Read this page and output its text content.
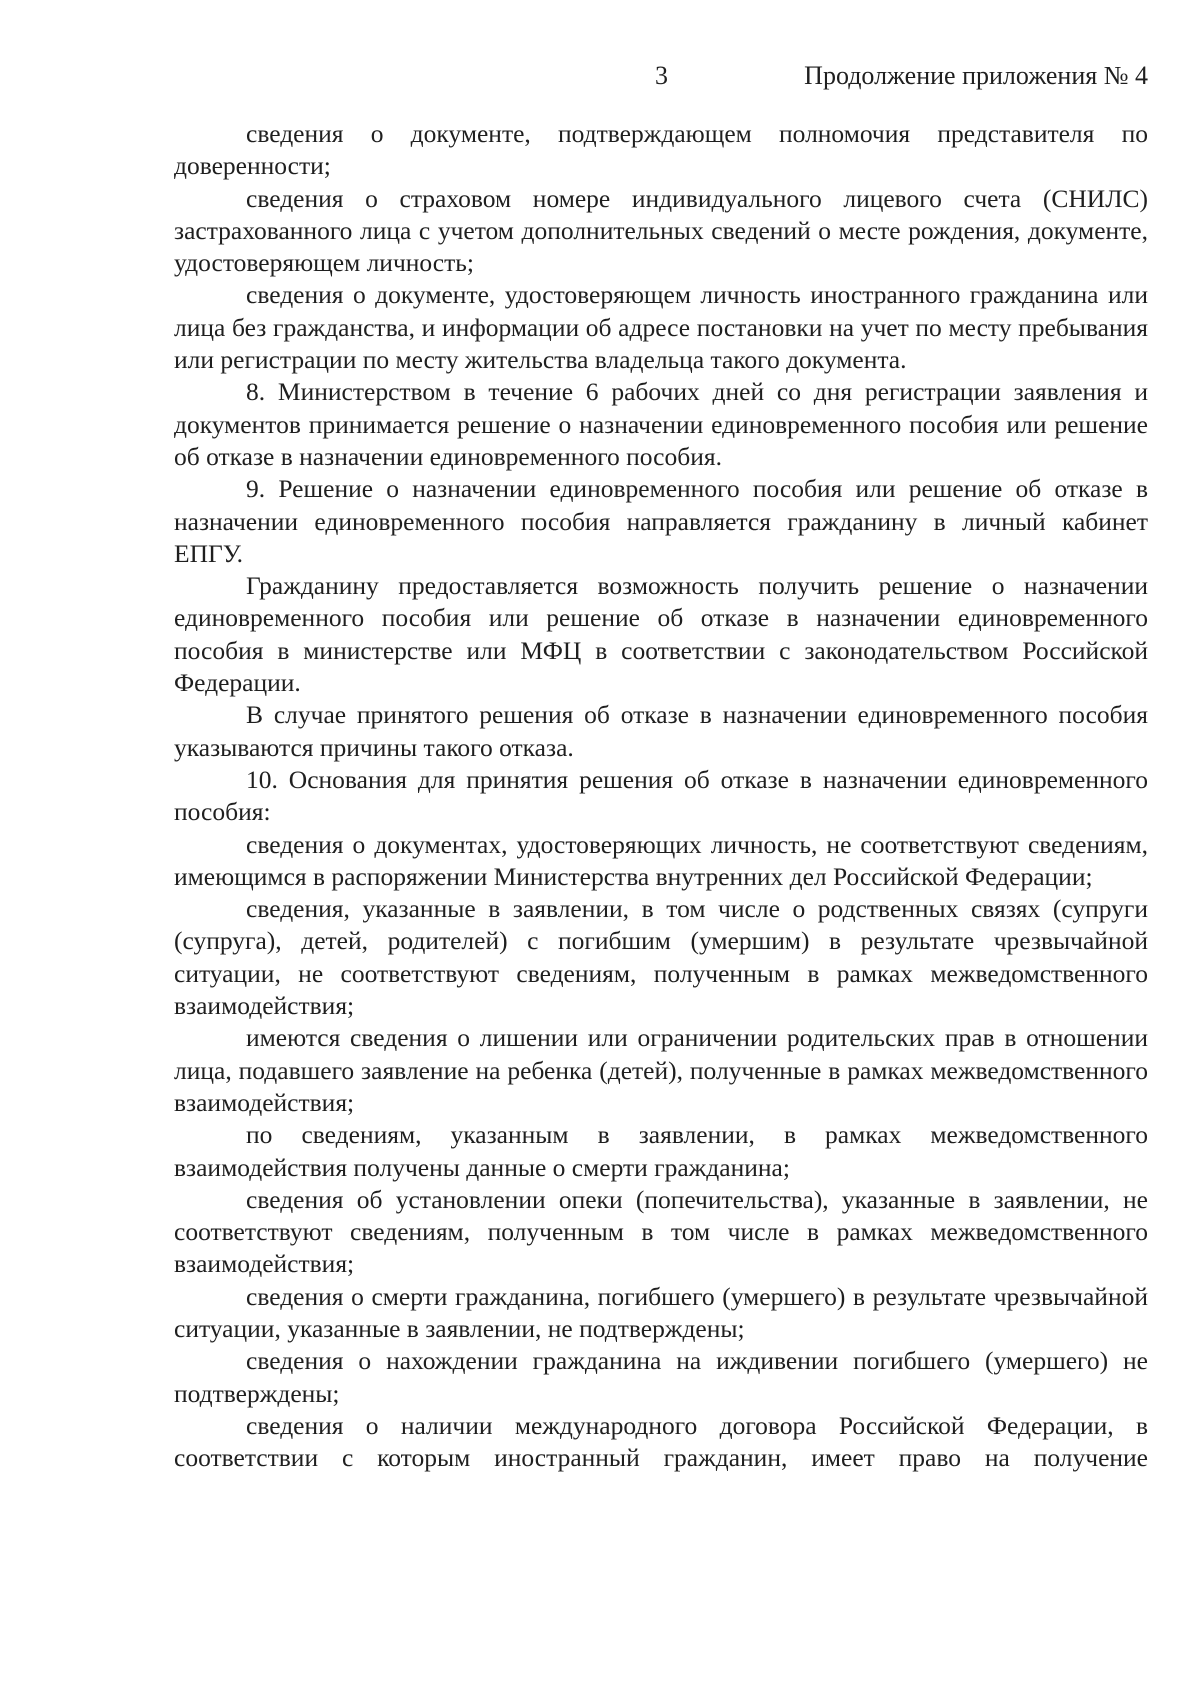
3	Продолжение приложения № 4

сведения о документе, подтверждающем полномочия представителя по доверенности;

сведения о страховом номере индивидуального лицевого счета (СНИЛС) застрахованного лица с учетом дополнительных сведений о месте рождения, документе, удостоверяющем личность;

сведения о документе, удостоверяющем личность иностранного гражданина или лица без гражданства, и информации об адресе постановки на учет по месту пребывания или регистрации по месту жительства владельца такого документа.

8. Министерством в течение 6 рабочих дней со дня регистрации заявления и документов принимается решение о назначении единовременного пособия или решение об отказе в назначении единовременного пособия.

9. Решение о назначении единовременного пособия или решение об отказе в назначении единовременного пособия направляется гражданину в личный кабинет ЕПГУ.

Гражданину предоставляется возможность получить решение о назначении единовременного пособия или решение об отказе в назначении единовременного пособия в министерстве или МФЦ в соответствии с законодательством Российской Федерации.

В случае принятого решения об отказе в назначении единовременного пособия указываются причины такого отказа.

10. Основания для принятия решения об отказе в назначении единовременного пособия:

сведения о документах, удостоверяющих личность, не соответствуют сведениям, имеющимся в распоряжении Министерства внутренних дел Российской Федерации;

сведения, указанные в заявлении, в том числе о родственных связях (супруги (супруга), детей, родителей) с погибшим (умершим) в результате чрезвычайной ситуации, не соответствуют сведениям, полученным в рамках межведомственного взаимодействия;

имеются сведения о лишении или ограничении родительских прав в отношении лица, подавшего заявление на ребенка (детей), полученные в рамках межведомственного взаимодействия;

по сведениям, указанным в заявлении, в рамках межведомственного взаимодействия получены данные о смерти гражданина;

сведения об установлении опеки (попечительства), указанные в заявлении, не соответствуют сведениям, полученным в том числе в рамках межведомственного взаимодействия;

сведения о смерти гражданина, погибшего (умершего) в результате чрезвычайной ситуации, указанные в заявлении, не подтверждены;

сведения о нахождении гражданина на иждивении погибшего (умершего) не подтверждены;

сведения о наличии международного договора Российской Федерации, в соответствии с которым иностранный гражданин, имеет право на получение
